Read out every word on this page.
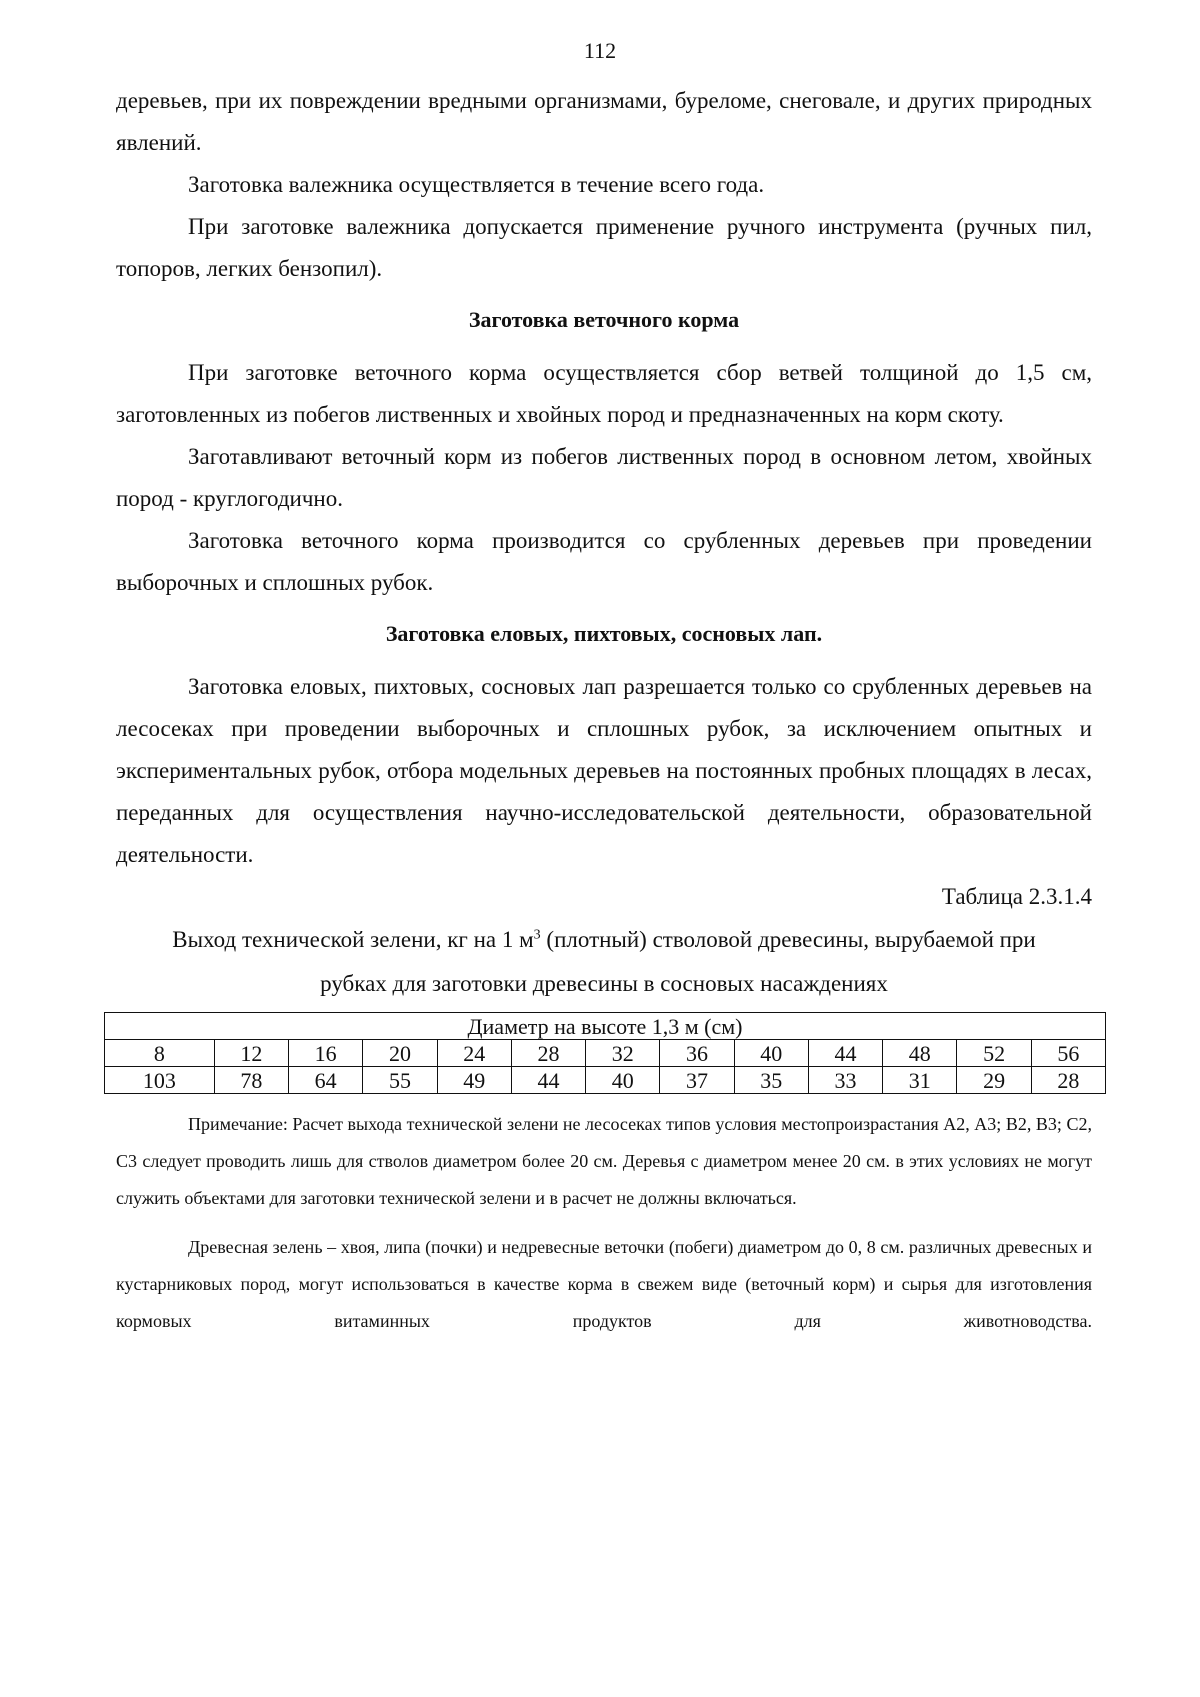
112

деревьев, при их повреждении вредными организмами, буреломе, снеговале, и других природных явлений.

Заготовка валежника осуществляется в течение всего года.

При заготовке валежника допускается применение ручного инструмента (ручных пил, топоров, легких бензопил).

Заготовка веточного корма

При заготовке веточного корма осуществляется сбор ветвей толщиной до 1,5 см, заготовленных из побегов лиственных и хвойных пород и предназначенных на корм скоту.

Заготавливают веточный корм из побегов лиственных пород в основном летом, хвойных пород - круглогодично.

Заготовка веточного корма производится со срубленных деревьев при проведении выборочных и сплошных рубок.

Заготовка еловых, пихтовых, сосновых лап.

Заготовка еловых, пихтовых, сосновых лап разрешается только со срубленных деревьев на лесосеках при проведении выборочных и сплошных рубок, за исключением опытных и экспериментальных рубок, отбора модельных деревьев на постоянных пробных площадях в лесах, переданных для осуществления научно-исследовательской деятельности, образовательной деятельности.

Таблица 2.3.1.4

Выход технической зелени, кг на 1 $м^3$ (плотный) стволовой древесины, вырубаемой при

рубках для заготовки древесины в сосновых насаждениях

Диаметр на высоте 1,3 м (см)												
8	12	16	20	24	28	32	36	40	44	48	52	56
103	78	64	55	49	44	40	37	35	33	31	29	28

Примечание: Расчет выхода технической зелени не лесосеках типов условия местопроизрастания А2, А3; В2, В3; С2, С3 следует проводить лишь для стволов диаметром более 20 см. Деревья с диаметром менее 20 см. в этих условиях не могут служить объектами для заготовки технической зелени и в расчет не должны включаться.

Древесная зелень – хвоя, липа (почки) и недревесные веточки (побеги) диаметром до 0, 8 см. различных древесных и кустарниковых пород, могут использоваться в качестве корма в свежем виде (веточный корм) и сырья для изготовления кормовых витаминных продуктов для животноводства.
